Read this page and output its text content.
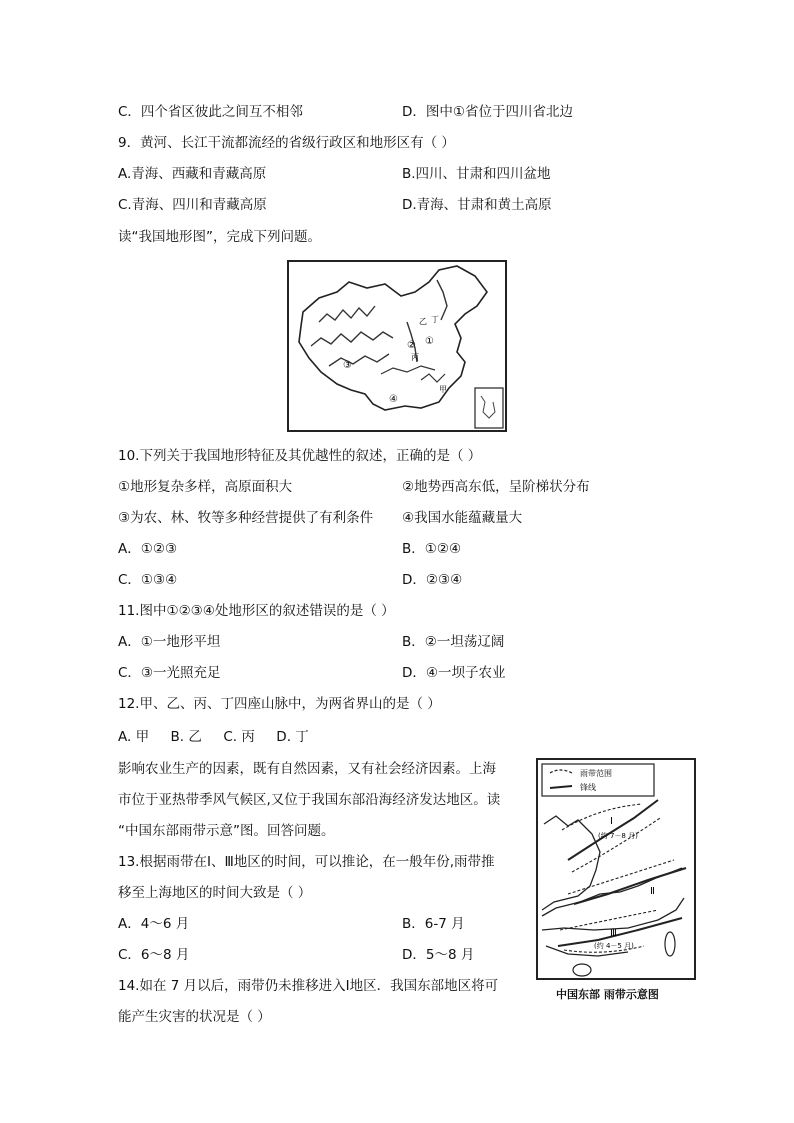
C．四个省区彼此之间互不相邻	D．图中①省位于四川省北边
9．黄河、长江干流都流经的省级行政区和地形区有（ ）
A.青海、西藏和青藏高原	B.四川、甘肃和四川盆地
C.青海、四川和青藏高原	D.青海、甘肃和黄土高原
读“我国地形图”，完成下列问题。
①
②
③
④
甲
乙
丙
丁
10.下列关于我国地形特征及其优越性的叙述，正确的是（ ）
①地形复杂多样，高原面积大	②地势西高东低，呈阶梯状分布
③为农、林、牧等多种经营提供了有利条件 ④我国水能蕴藏量大
A．①②③	B．①②④
C．①③④	D．②③④
11.图中①②③④处地形区的叙述错误的是（ ）
A．①一地形平坦	B．②一坦荡辽阔
C．③一光照充足	D．④一坝子农业
12.甲、乙、丙、丁四座山脉中，为两省界山的是（ ）
A. 甲     B. 乙     C. 丙     D. 丁
影响农业生产的因素，既有自然因素，又有社会经济因素。上海
市位于亚热带季风气候区,又位于我国东部沿海经济发达地区。读
“中国东部雨带示意”图。回答问题。
13.根据雨带在Ⅰ、Ⅲ地区的时间，可以推论，在一般年份,雨带推
移至上海地区的时间大致是（ ）
A．4～6 月	B．6-7 月
C．6～8 月	D．5～8 月
14.如在 7 月以后，雨带仍未推移进入Ⅰ地区．我国东部地区将可
能产生灾害的状况是（ ）
雨带范围
锋线
Ⅰ
(约 7－8 月)
Ⅱ
Ⅲ
(约 4－5 月)
中国东部 雨带示意图
